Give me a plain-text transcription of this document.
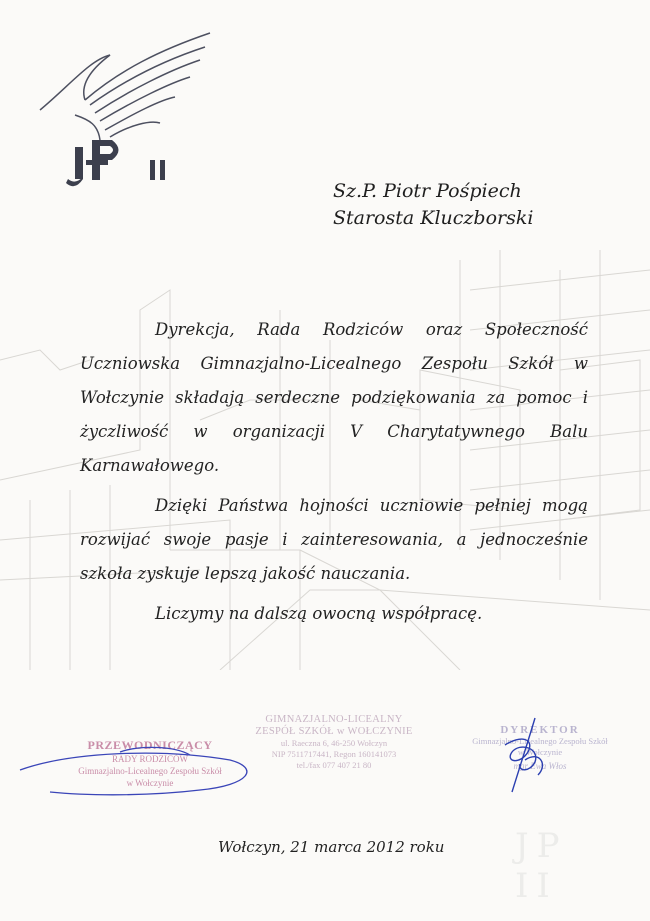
Sz.P. Piotr Pośpiech
Starosta Kluczborski

Dyrekcja, Rada Rodziców oraz Społeczność Uczniowska Gimnazjalno-Licealnego Zespołu Szkół w Wołczynie składają serdeczne podziękowania za pomoc i życzliwość w organizacji V Charytatywnego Balu Karnawałowego.

Dzięki Państwa hojności uczniowie pełniej mogą rozwijać swoje pasje i zainteresowania, a jednocześnie szkoła zyskuje lepszą jakość nauczania.

Liczymy na dalszą owocną współpracę.

PRZEWODNICZĄCY
RADY RODZICÓW
Gimnazjalno-Licealnego Zespołu Szkół
w Wołczynie
GIMNAZJALNO-LICEALNY
ZESPÓŁ SZKÓŁ w WOŁCZYNIE
ul. Raeczna 6, 46-250 Wołczyn
NIP 7511717441, Regon 160141073
tel./fax 077 407 21 80
DYREKTOR
Gimnazjalno-Licealnego Zespołu Szkół
w Wołczynie
mgr Ewa Włos
Wołczyn, 21 marca 2012 roku	JP II
